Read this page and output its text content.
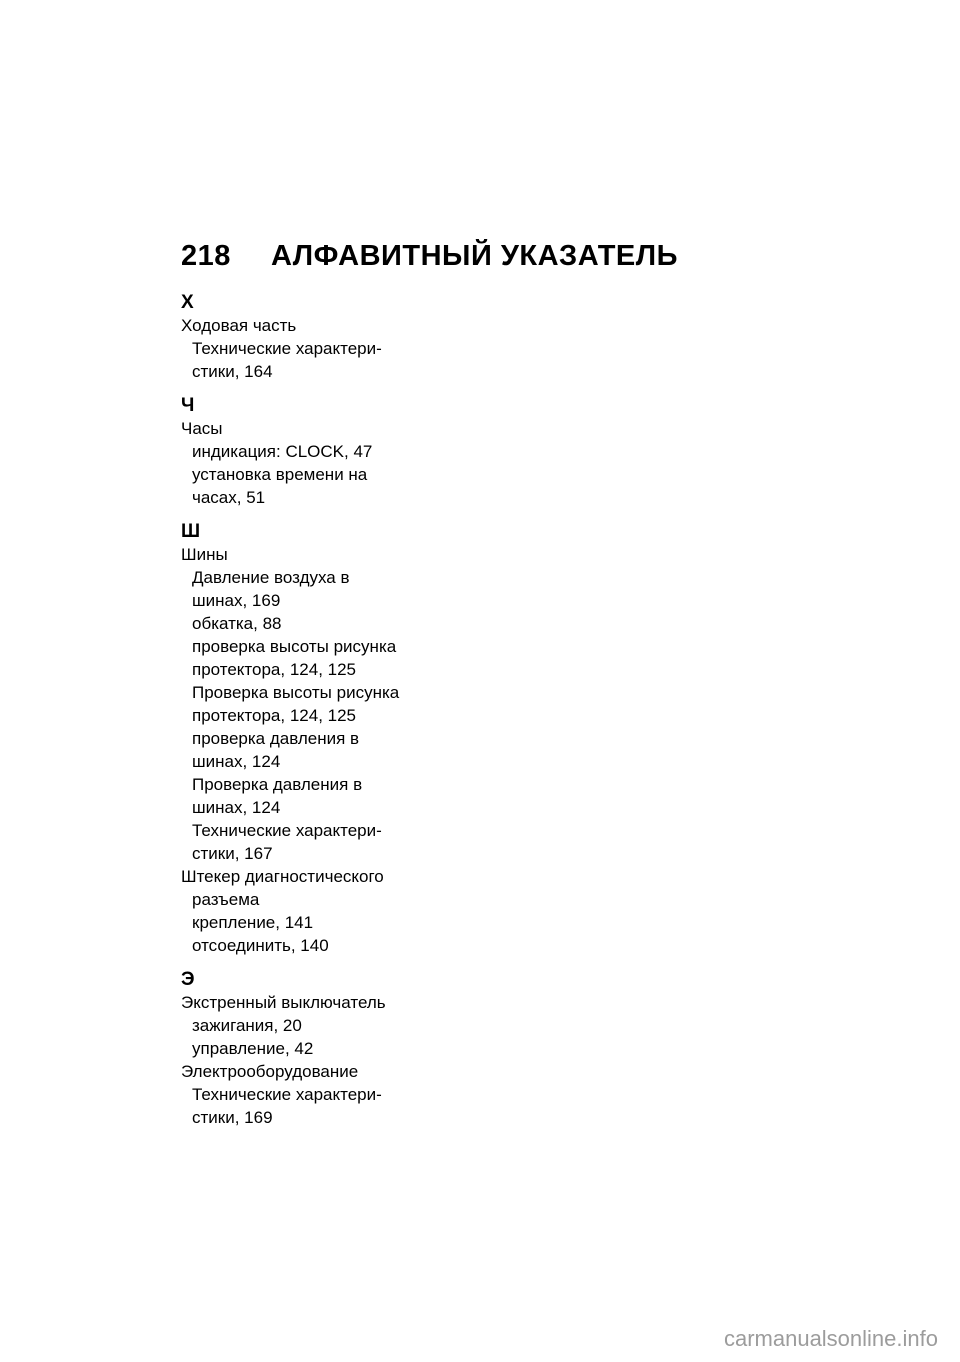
218	АЛФАВИТНЫЙ УКАЗАТЕЛЬ
Х
Ходовая часть
Технические характери-
стики, 164
Ч
Часы
индикация: CLOCK, 47
установка времени на
часах, 51
Ш
Шины
Давление воздуха в
шинах, 169
обкатка, 88
проверка высоты рисунка
протектора, 124, 125
Проверка высоты рисунка
протектора, 124, 125
проверка давления в
шинах, 124
Проверка давления в
шинах, 124
Технические характери-
стики, 167
Штекер диагностического
разъема
крепление, 141
отсоединить, 140
Э
Экстренный выключатель
зажигания, 20
управление, 42
Электрооборудование
Технические характери-
стики, 169
carmanualsonline.info
